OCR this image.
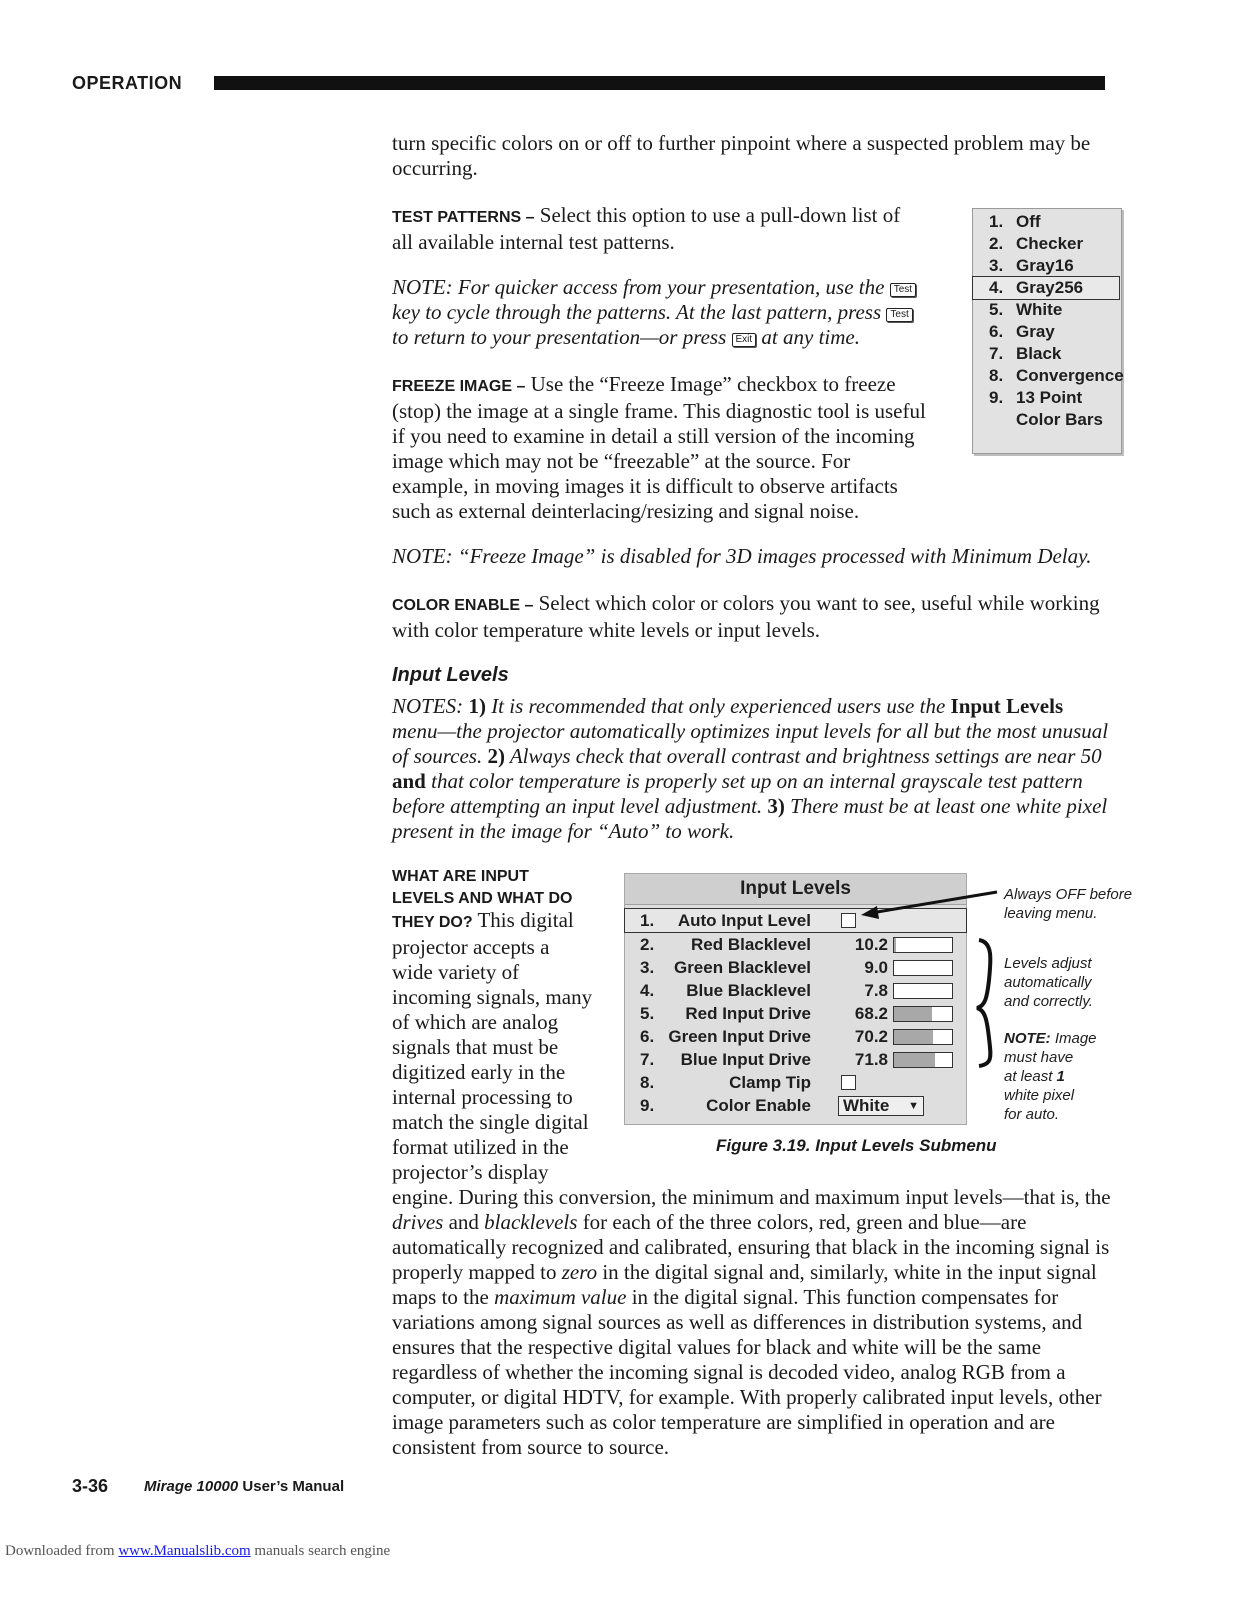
OPERATION
turn specific colors on or off to further pinpoint where a suspected problem may be
occurring.
TEST PATTERNS – Select this option to use a pull-down list of
all available internal test patterns.
NOTE: For quicker access from your presentation, use the Test
key to cycle through the patterns. At the last pattern, press Test
to return to your presentation—or press Exit at any time.
1. Off
2. Checker
3. Gray16
4. Gray256
5. White
6. Gray
7. Black
8. Convergence
9. 13 Point
Color Bars
FREEZE IMAGE – Use the “Freeze Image” checkbox to freeze
(stop) the image at a single frame. This diagnostic tool is useful
if you need to examine in detail a still version of the incoming
image which may not be “freezable” at the source. For
example, in moving images it is difficult to observe artifacts
such as external deinterlacing/resizing and signal noise.
NOTE: “Freeze Image” is disabled for 3D images processed with Minimum Delay.
COLOR ENABLE – Select which color or colors you want to see, useful while working
with color temperature white levels or input levels.
Input Levels
NOTES: 1) It is recommended that only experienced users use the Input Levels
menu—the projector automatically optimizes input levels for all but the most unusual
of sources. 2) Always check that overall contrast and brightness settings are near 50
and that color temperature is properly set up on an internal grayscale test pattern
before attempting an input level adjustment. 3) There must be at least one white pixel
present in the image for “Auto” to work.
WHAT ARE INPUT
LEVELS AND WHAT DO
THEY DO? This digital
projector accepts a
wide variety of
incoming signals, many
of which are analog
signals that must be
digitized early in the
internal processing to
match the single digital
format utilized in the
projector’s display
engine. During this conversion, the minimum and maximum input levels—that is, the
drives and blacklevels for each of the three colors, red, green and blue—are
automatically recognized and calibrated, ensuring that black in the incoming signal is
properly mapped to zero in the digital signal and, similarly, white in the input signal
maps to the maximum value in the digital signal. This function compensates for
variations among signal sources as well as differences in distribution systems, and
ensures that the respective digital values for black and white will be the same
regardless of whether the incoming signal is decoded video, analog RGB from a
computer, or digital HDTV, for example. With properly calibrated input levels, other
image parameters such as color temperature are simplified in operation and are
consistent from source to source.
Input Levels
1. Auto Input Level
2. Red Blacklevel	10.2
3. Green Blacklevel	9.0
4. Blue Blacklevel	7.8
5. Red Input Drive	68.2
6. Green Input Drive	70.2
7. Blue Input Drive	71.8
8.	Clamp Tip
9.	Color Enable White ▼
Always OFF before
leaving menu.
Levels adjust
automatically
and correctly.
NOTE: Image
must have
at least 1
white pixel
for auto.
Figure 3.19. Input Levels Submenu
3-36 Mirage 10000 User’s Manual
Downloaded from www.Manualslib.com manuals search engine
